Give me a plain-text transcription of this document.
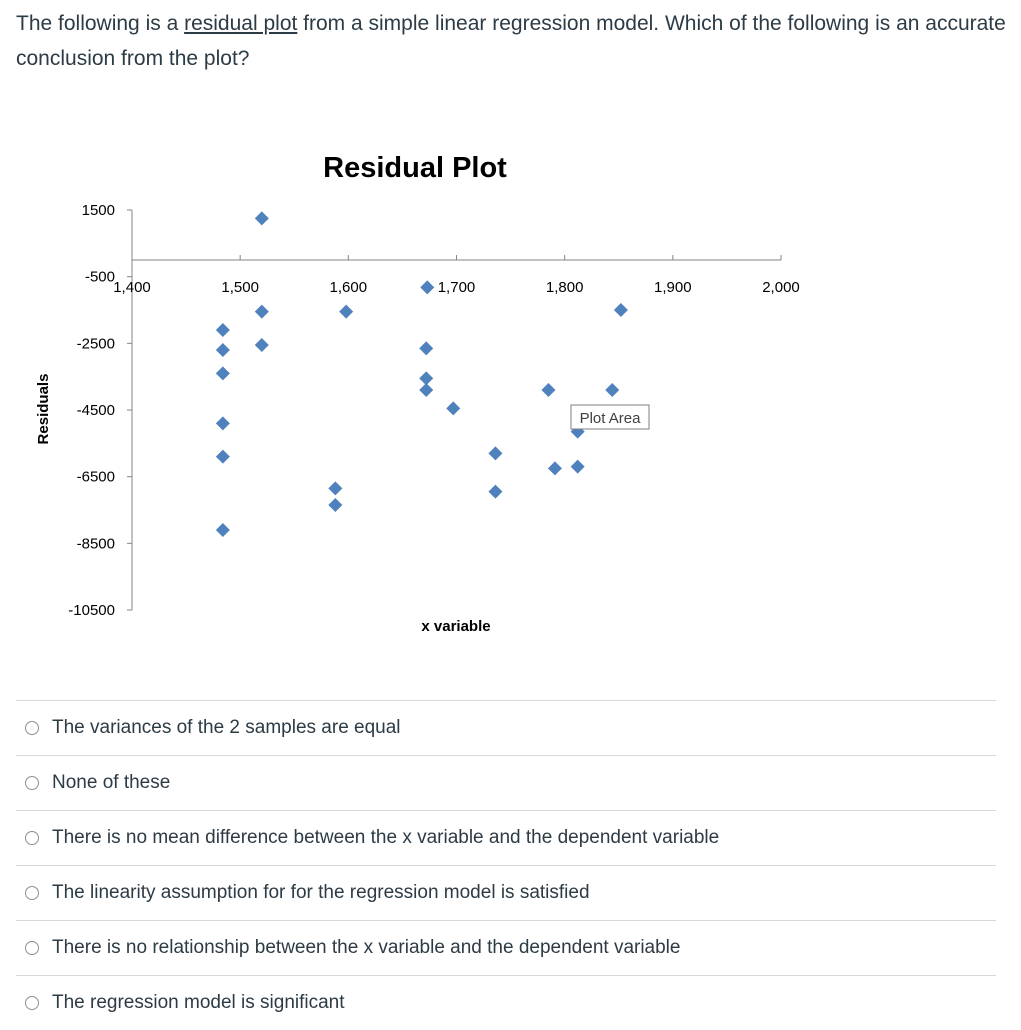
The following is a residual plot from a simple linear regression model. Which of the following is an accurate conclusion from the plot?

Residual Plot
Residuals
x variable
1500
-500
-2500
-4500
-6500
-8500
-10500
1,400	1,500	1,600	1,700	1,800	1,900	2,000
Plot Area
The variances of the 2 samples are equal
None of these
There is no mean difference between the x variable and the dependent variable
The linearity assumption for for the regression model is satisfied
There is no relationship between the x variable and the dependent variable
The regression model is significant
